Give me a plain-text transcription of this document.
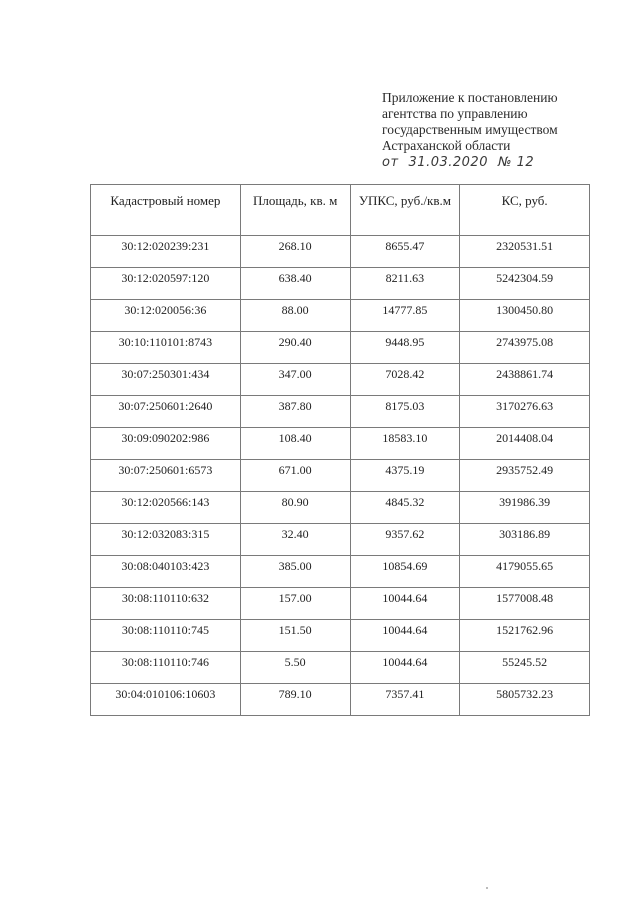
Приложение к постановлению
агентства по управлению
государственным имуществом
Астраханской области
от 31.03.2020 № 12
Кадастровый номер	Площадь, кв. м	УПКС, руб./кв.м	КС, руб.
30:12:020239:231	268.10	8655.47	2320531.51
30:12:020597:120	638.40	8211.63	5242304.59
30:12:020056:36	88.00	14777.85	1300450.80
30:10:110101:8743	290.40	9448.95	2743975.08
30:07:250301:434	347.00	7028.42	2438861.74
30:07:250601:2640	387.80	8175.03	3170276.63
30:09:090202:986	108.40	18583.10	2014408.04
30:07:250601:6573	671.00	4375.19	2935752.49
30:12:020566:143	80.90	4845.32	391986.39
30:12:032083:315	32.40	9357.62	303186.89
30:08:040103:423	385.00	10854.69	4179055.65
30:08:110110:632	157.00	10044.64	1577008.48
30:08:110110:745	151.50	10044.64	1521762.96
30:08:110110:746	5.50	10044.64	55245.52
30:04:010106:10603	789.10	7357.41	5805732.23
